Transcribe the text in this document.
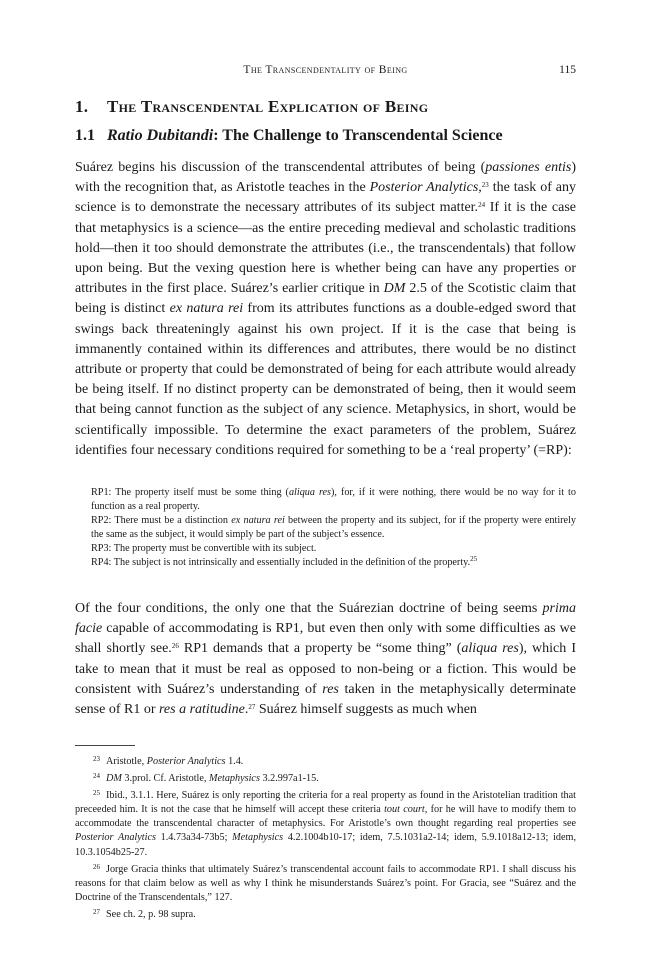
The Transcendentality of Being	115
1. The Transcendental Explication of Being
1.1 Ratio Dubitandi: The Challenge to Transcendental Science

Suárez begins his discussion of the transcendental attributes of being (passiones entis) with the recognition that, as Aristotle teaches in the Posterior Analytics,$^{23}$ the task of any science is to demonstrate the necessary attributes of its subject matter.$^{24}$ If it is the case that metaphysics is a science—as the entire preceding medieval and scholastic traditions hold—then it too should demonstrate the attributes (i.e., the transcendentals) that follow upon being. But the vexing question here is whether being can have any properties or attributes in the first place. Suárez’s earlier critique in DM 2.5 of the Scotistic claim that being is distinct ex natura rei from its attributes functions as a double-edged sword that swings back threateningly against his own project. If it is the case that being is immanently contained within its differences and attributes, there would be no distinct attribute or property that could be demonstrated of being for each attribute would already be being itself. If no distinct property can be demonstrated of being, then it would seem that being cannot function as the subject of any science. Metaphysics, in short, would be scientifically impossible. To determine the exact parameters of the problem, Suárez identifies four necessary conditions required for something to be a ‘real property’ (=RP):

RP1: The property itself must be some thing (aliqua res), for, if it were nothing, there would be no way for it to function as a real property.

RP2: There must be a distinction ex natura rei between the property and its subject, for if the property were entirely the same as the subject, it would simply be part of the subject’s essence.

RP3: The property must be convertible with its subject.

RP4: The subject is not intrinsically and essentially included in the definition of the property.$^{25}$

Of the four conditions, the only one that the Suárezian doctrine of being seems prima facie capable of accommodating is RP1, but even then only with some difficulties as we shall shortly see.$^{26}$ RP1 demands that a property be “some thing” (aliqua res), which I take to mean that it must be real as opposed to non-being or a fiction. This would be consistent with Suárez’s understanding of res taken in the metaphysically determinate sense of R1 or res a ratitudine.$^{27}$ Suárez himself suggests as much when

$^{23}$ Aristotle, Posterior Analytics 1.4.

$^{24}$ DM 3.prol. Cf. Aristotle, Metaphysics 3.2.997a1-15.

$^{25}$ Ibid., 3.1.1. Here, Suárez is only reporting the criteria for a real property as found in the Aristotelian tradition that preceeded him. It is not the case that he himself will accept these criteria tout court, for he will have to modify them to accommodate the transcendental character of metaphysics. For Aristotle’s own thought regarding real properties see Posterior Analytics 1.4.73a34-73b5; Metaphysics 4.2.1004b10-17; idem, 7.5.1031a2-14; idem, 5.9.1018a12-13; idem, 10.3.1054b25-27.

$^{26}$ Jorge Gracia thinks that ultimately Suárez’s transcendental account fails to accommodate RP1. I shall discuss his reasons for that claim below as well as why I think he misunderstands Suárez’s point. For Gracia, see “Suárez and the Doctrine of the Transcendentals,” 127.

$^{27}$ See ch. 2, p. 98 supra.
